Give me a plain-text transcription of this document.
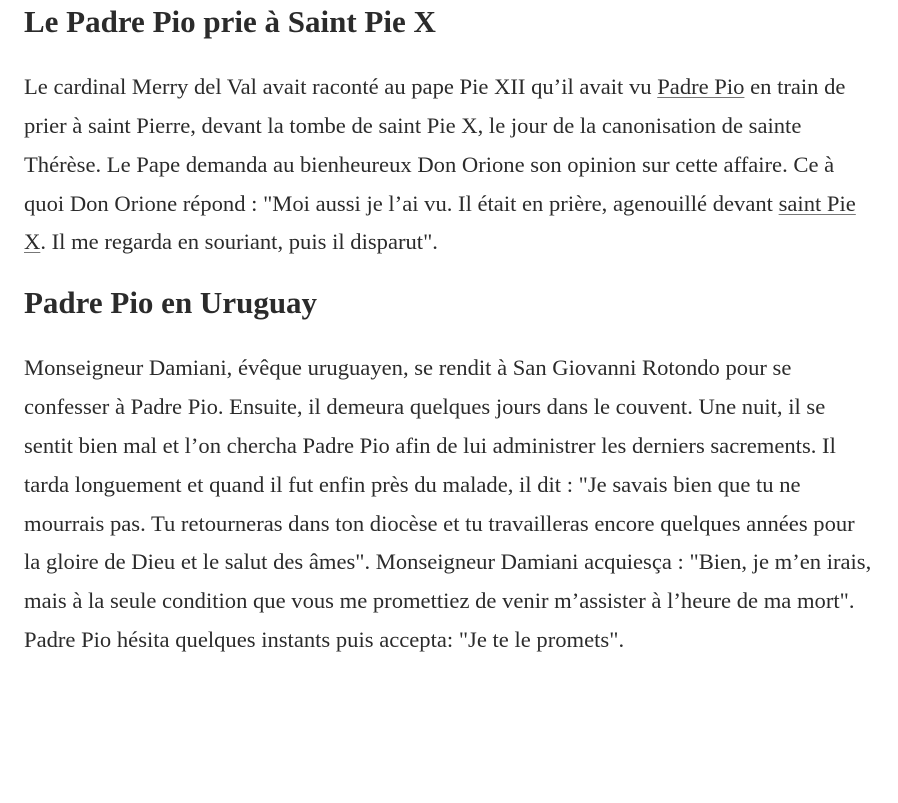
Le Padre Pio prie à Saint Pie X

Le cardinal Merry del Val avait raconté au pape Pie XII qu’il avait vu Padre Pio en train de prier à saint Pierre, devant la tombe de saint Pie X, le jour de la canonisation de sainte Thérèse. Le Pape demanda au bienheureux Don Orione son opinion sur cette affaire. Ce à quoi Don Orione répond : "Moi aussi je l’ai vu. Il était en prière, agenouillé devant saint Pie X. Il me regarda en souriant, puis il disparut".

Padre Pio en Uruguay

Monseigneur Damiani, évêque uruguayen, se rendit à San Giovanni Rotondo pour se confesser à Padre Pio. Ensuite, il demeura quelques jours dans le couvent. Une nuit, il se sentit bien mal et l’on chercha Padre Pio afin de lui administrer les derniers sacrements. Il tarda longuement et quand il fut enfin près du malade, il dit : "Je savais bien que tu ne mourrais pas. Tu retourneras dans ton diocèse et tu travailleras encore quelques années pour la gloire de Dieu et le salut des âmes". Monseigneur Damiani acquiesça : "Bien, je m’en irais, mais à la seule condition que vous me promettiez de venir m’assister à l’heure de ma mort". Padre Pio hésita quelques instants puis accepta: "Je te le promets".
